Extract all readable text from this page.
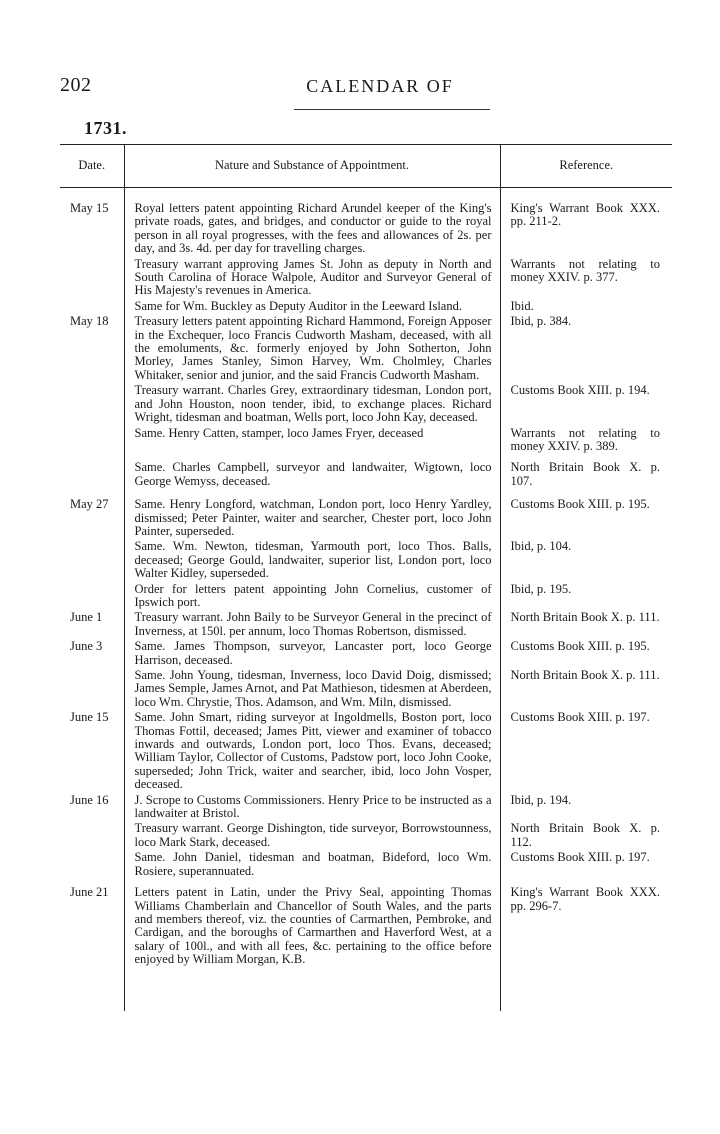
202	CALENDAR OF
1731.
Date.	Nature and Substance of Appointment.	Reference.

May 15	Royal letters patent appointing Richard Arundel keeper of the King's private roads, gates, and bridges, and conductor or guide to the royal person in all royal progresses, with the fees and allowances of 2s. per day, and 3s. 4d. per day for travelling charges.	King's Warrant Book XXX. pp. 211-2.
	Treasury warrant approving James St. John as deputy in North and South Carolina of Horace Walpole, Auditor and Surveyor General of His Majesty's revenues in America.	Warrants not relating to money XXIV. p. 377.
	Same for Wm. Buckley as Deputy Auditor in the Leeward Island.	Ibid.
May 18	Treasury letters patent appointing Richard Hammond, Foreign Apposer in the Exchequer, loco Francis Cudworth Masham, deceased, with all the emoluments, &c. formerly enjoyed by John Sotherton, John Morley, James Stanley, Simon Harvey, Wm. Cholmley, Charles Whitaker, senior and junior, and the said Francis Cudworth Masham.	Ibid, p. 384.
	Treasury warrant. Charles Grey, extraordinary tidesman, London port, and John Houston, noon tender, ibid, to exchange places. Richard Wright, tidesman and boatman, Wells port, loco John Kay, deceased.	Customs Book XIII. p. 194.
	Same. Henry Catten, stamper, loco James Fryer, deceased	Warrants not relating to money XXIV. p. 389.
	Same. Charles Campbell, surveyor and landwaiter, Wigtown, loco George Wemyss, deceased.	North Britain Book X. p. 107.
May 27	Same. Henry Longford, watchman, London port, loco Henry Yardley, dismissed; Peter Painter, waiter and searcher, Chester port, loco John Painter, superseded.	Customs Book XIII. p. 195.
	Same. Wm. Newton, tidesman, Yarmouth port, loco Thos. Balls, deceased; George Gould, landwaiter, superior list, London port, loco Walter Kidley, superseded.	Ibid, p. 104.
	Order for letters patent appointing John Cornelius, customer of Ipswich port.	Ibid, p. 195.
June 1	Treasury warrant. John Baily to be Surveyor General in the precinct of Inverness, at 150l. per annum, loco Thomas Robertson, dismissed.	North Britain Book X. p. 111.
June 3	Same. James Thompson, surveyor, Lancaster port, loco George Harrison, deceased.	Customs Book XIII. p. 195.
	Same. John Young, tidesman, Inverness, loco David Doig, dismissed; James Semple, James Arnot, and Pat Mathieson, tidesmen at Aberdeen, loco Wm. Chrystie, Thos. Adamson, and Wm. Miln, dismissed.	North Britain Book X. p. 111.
June 15	Same. John Smart, riding surveyor at Ingoldmells, Boston port, loco Thomas Fottil, deceased; James Pitt, viewer and examiner of tobacco inwards and outwards, London port, loco Thos. Evans, deceased; William Taylor, Collector of Customs, Padstow port, loco John Cooke, superseded; John Trick, waiter and searcher, ibid, loco John Vosper, deceased.	Customs Book XIII. p. 197.
June 16	J. Scrope to Customs Commissioners. Henry Price to be instructed as a landwaiter at Bristol.	Ibid, p. 194.
	Treasury warrant. George Dishington, tide surveyor, Borrowstounness, loco Mark Stark, deceased.	North Britain Book X. p. 112.
	Same. John Daniel, tidesman and boatman, Bideford, loco Wm. Rosiere, superannuated.	Customs Book XIII. p. 197.
June 21	Letters patent in Latin, under the Privy Seal, appointing Thomas Williams Chamberlain and Chancellor of South Wales, and the parts and members thereof, viz. the counties of Carmarthen, Pembroke, and Cardigan, and the boroughs of Carmarthen and Haverford West, at a salary of 100l., and with all fees, &c. pertaining to the office before enjoyed by William Morgan, K.B.	King's Warrant Book XXX. pp. 296-7.
